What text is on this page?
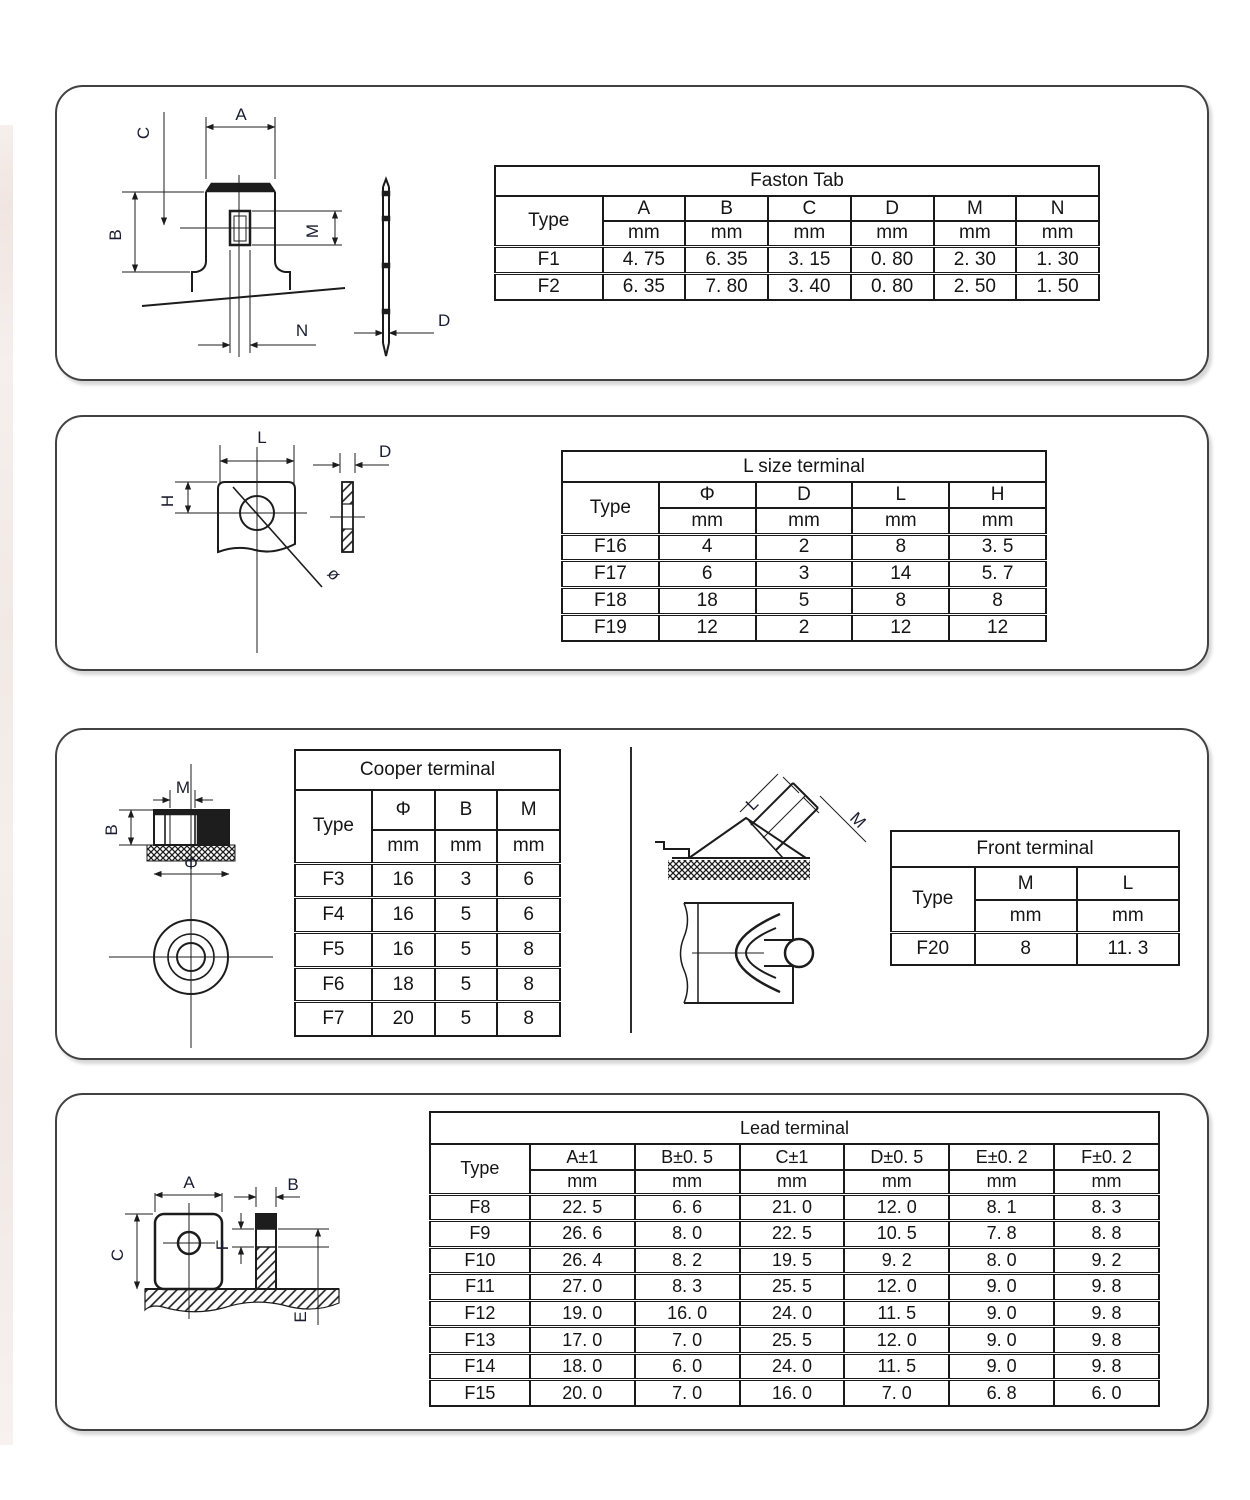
A
C
B	M
N
D
Faston Tab						
Type	A	B	C	D	M	N
	mm	mm	mm	mm	mm	mm
F1	4. 75	6. 35	3. 15	0. 80	2. 30	1. 30
F2	6. 35	7. 80	3. 40	0. 80	2. 50	1. 50
L
H
ø
D
L size terminal				
Type	Φ	D	L	H
	mm	mm	mm	mm
F16	4	2	8	3. 5
F17	6	3	14	5. 7
F18	18	5	8	8
F19	12	2	12	12
M
B
Φ
L
M
Cooper terminal			
Type	Φ	B	M
	mm	mm	mm
F3	16	3	6
F4	16	5	6
F5	16	5	8
F6	18	5	8
F7	20	5	8
Front terminal		
Type	M	L
	mm	mm
F20	8	11. 3
A
C
B
F
E
Lead terminal						
Type	A±1	B±0. 5	C±1	D±0. 5	E±0. 2	F±0. 2
	mm	mm	mm	mm	mm	mm
F8	22. 5	6. 6	21. 0	12. 0	8. 1	8. 3
F9	26. 6	8. 0	22. 5	10. 5	7. 8	8. 8
F10	26. 4	8. 2	19. 5	9. 2	8. 0	9. 2
F11	27. 0	8. 3	25. 5	12. 0	9. 0	9. 8
F12	19. 0	16. 0	24. 0	11. 5	9. 0	9. 8
F13	17. 0	7. 0	25. 5	12. 0	9. 0	9. 8
F14	18. 0	6. 0	24. 0	11. 5	9. 0	9. 8
F15	20. 0	7. 0	16. 0	7. 0	6. 8	6. 0
